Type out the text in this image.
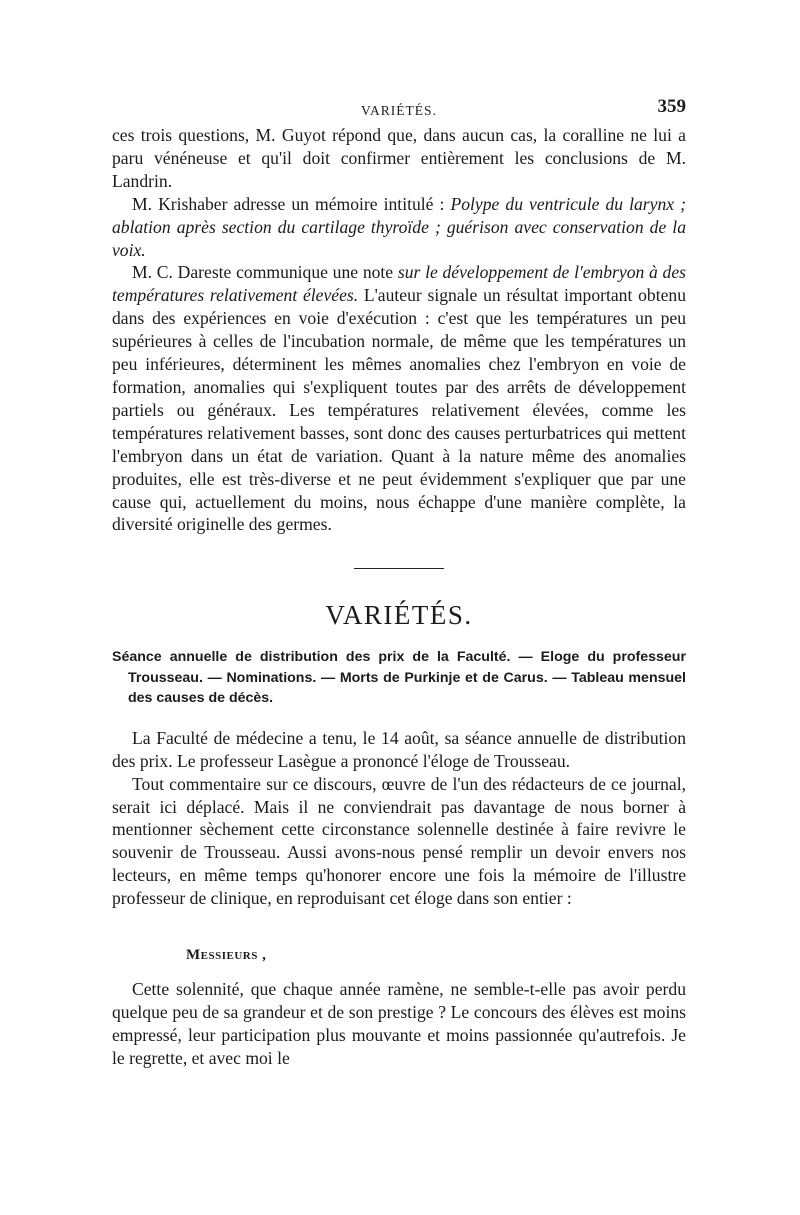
VARIÉTÉS.	359

ces trois questions, M. Guyot répond que, dans aucun cas, la coralline ne lui a paru vénéneuse et qu'il doit confirmer entièrement les conclusions de M. Landrin.

M. Krishaber adresse un mémoire intitulé : Polype du ventricule du larynx ; ablation après section du cartilage thyroïde ; guérison avec conservation de la voix.

M. C. Dareste communique une note sur le développement de l'embryon à des températures relativement élevées. L'auteur signale un résultat important obtenu dans des expériences en voie d'exécution : c'est que les températures un peu supérieures à celles de l'incubation normale, de même que les températures un peu inférieures, déterminent les mêmes anomalies chez l'embryon en voie de formation, anomalies qui s'expliquent toutes par des arrêts de développement partiels ou généraux. Les températures relativement élevées, comme les températures relativement basses, sont donc des causes perturbatrices qui mettent l'embryon dans un état de variation. Quant à la nature même des anomalies produites, elle est très-diverse et ne peut évidemment s'expliquer que par une cause qui, actuellement du moins, nous échappe d'une manière complète, la diversité originelle des germes.

VARIÉTÉS.

Séance annuelle de distribution des prix de la Faculté. — Eloge du professeur Trousseau. — Nominations. — Morts de Purkinje et de Carus. — Tableau mensuel des causes de décès.

La Faculté de médecine a tenu, le 14 août, sa séance annuelle de distribution des prix. Le professeur Lasègue a prononcé l'éloge de Trousseau.

Tout commentaire sur ce discours, œuvre de l'un des rédacteurs de ce journal, serait ici déplacé. Mais il ne conviendrait pas davantage de nous borner à mentionner sèchement cette circonstance solennelle destinée à faire revivre le souvenir de Trousseau. Aussi avons-nous pensé remplir un devoir envers nos lecteurs, en même temps qu'honorer encore une fois la mémoire de l'illustre professeur de clinique, en reproduisant cet éloge dans son entier :

Messieurs ,

Cette solennité, que chaque année ramène, ne semble-t-elle pas avoir perdu quelque peu de sa grandeur et de son prestige ? Le concours des élèves est moins empressé, leur participation plus mouvante et moins passionnée qu'autrefois. Je le regrette, et avec moi le
